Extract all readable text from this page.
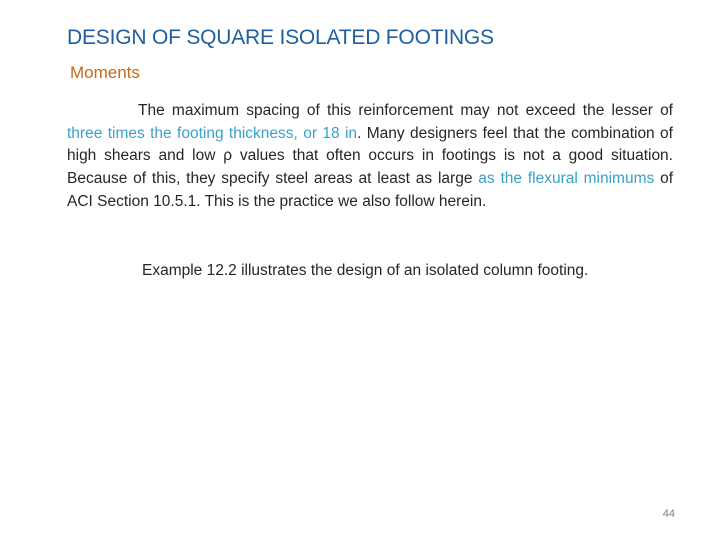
DESIGN OF SQUARE ISOLATED FOOTINGS
Moments

The maximum spacing of this reinforcement may not exceed the lesser of three times the footing thickness, or 18 in. Many designers feel that the combination of high shears and low ρ values that often occurs in footings is not a good situation. Because of this, they specify steel areas at least as large as the flexural minimums of ACI Section 10.5.1. This is the practice we also follow herein.

Example 12.2 illustrates the design of an isolated column footing.

44
